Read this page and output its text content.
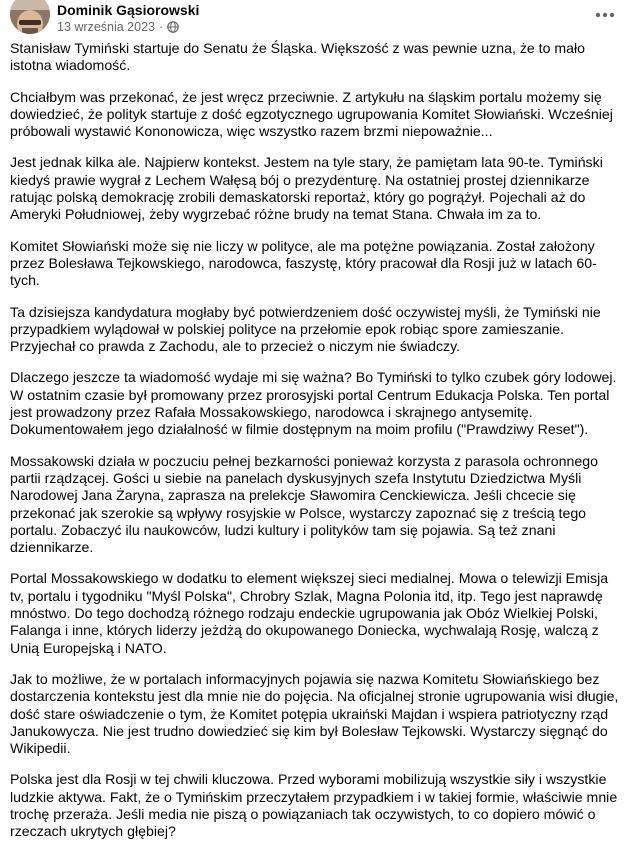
Dominik Gąsiorowski
13 września 2023 ·

Stanisław Tymiński startuje do Senatu że Śląska. Większość z was pewnie uzna, że to mało istotna wiadomość.

Chciałbym was przekonać, że jest wręcz przeciwnie. Z artykułu na śląskim portalu możemy się dowiedzieć, że polityk startuje z dość egzotycznego ugrupowania Komitet Słowiański. Wcześniej próbowali wystawić Kononowicza, więc wszystko razem brzmi niepoważnie...

Jest jednak kilka ale. Najpierw kontekst. Jestem na tyle stary, że pamiętam lata 90-te. Tymiński kiedyś prawie wygrał z Lechem Wałęsą bój o prezydenturę. Na ostatniej prostej dziennikarze ratując polską demokrację zrobili demaskatorski reportaż, który go pogrążył. Pojechali aż do Ameryki Południowej, żeby wygrzebać różne brudy na temat Stana. Chwała im za to.

Komitet Słowiański może się nie liczy w polityce, ale ma potężne powiązania. Został założony przez Bolesława Tejkowskiego, narodowca, faszystę, który pracował dla Rosji już w latach 60-tych.

Ta dzisiejsza kandydatura mogłaby być potwierdzeniem dość oczywistej myśli, że Tymiński nie przypadkiem wylądował w polskiej polityce na przełomie epok robiąc spore zamieszanie. Przyjechał co prawda z Zachodu, ale to przecież o niczym nie świadczy.

Dlaczego jeszcze ta wiadomość wydaje mi się ważna? Bo Tymiński to tylko czubek góry lodowej. W ostatnim czasie był promowany przez prorosyjski portal Centrum Edukacja Polska. Ten portal jest prowadzony przez Rafała Mossakowskiego, narodowca i skrajnego antysemitę. Dokumentowałem jego działalność w filmie dostępnym na moim profilu ("Prawdziwy Reset").

Mossakowski działa w poczuciu pełnej bezkarności ponieważ korzysta z parasola ochronnego partii rządzącej. Gości u siebie na panelach dyskusyjnych szefa Instytutu Dziedzictwa Myśli Narodowej Jana Żaryna, zaprasza na prelekcje Sławomira Cenckiewicza. Jeśli chcecie się przekonać jak szerokie są wpływy rosyjskie w Polsce, wystarczy zapoznać się z treścią tego portalu. Zobaczyć ilu naukowców, ludzi kultury i polityków tam się pojawia. Są też znani dziennikarze.

Portal Mossakowskiego w dodatku to element większej sieci medialnej. Mowa o telewizji Emisja tv, portalu i tygodniku "Myśl Polska", Chrobry Szlak, Magna Polonia itd, itp. Tego jest naprawdę mnóstwo. Do tego dochodzą różnego rodzaju endeckie ugrupowania jak Obóz Wielkiej Polski, Falanga i inne, których liderzy jeżdżą do okupowanego Doniecka, wychwalają Rosję, walczą z Unią Europejską i NATO.

Jak to możliwe, że w portalach informacyjnych pojawia się nazwa Komitetu Słowiańskiego bez dostarczenia kontekstu jest dla mnie nie do pojęcia. Na oficjalnej stronie ugrupowania wisi długie, dość stare oświadczenie o tym, że Komitet potępia ukraiński Majdan i wspiera patriotyczny rząd Janukowycza. Nie jest trudno dowiedzieć się kim był Bolesław Tejkowski. Wystarczy sięgnąć do Wikipedii.

Polska jest dla Rosji w tej chwili kluczowa. Przed wyborami mobilizują wszystkie siły i wszystkie ludzkie aktywa. Fakt, że o Tymińskim przeczytałem przypadkiem i w takiej formie, właściwie mnie trochę przeraża. Jeśli media nie piszą o powiązaniach tak oczywistych, to co dopiero mówić o rzeczach ukrytych głębiej?
